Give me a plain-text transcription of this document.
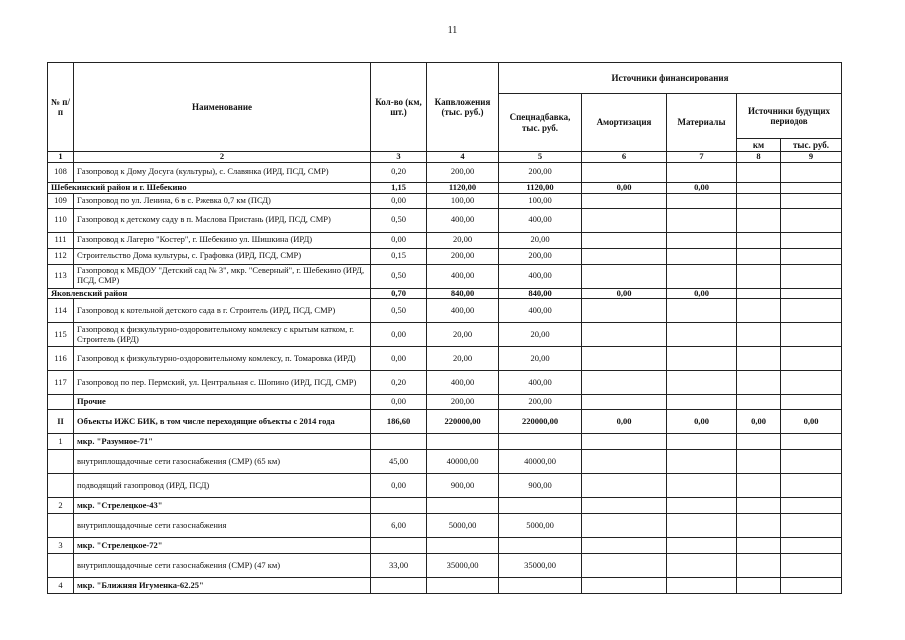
11
№ п/п	Наименование	Кол-во (км, шт.)	Капвложения (тыс. руб.)	Источники финансирования				
				Спецнадбавка, тыс. руб.	Амортизация	Материалы	Источники будущих периодов	
							км	тыс. руб.
1	2	3	4	5	6	7	8	9
108	Газопровод к Дому Досуга (культуры), с. Славянка (ИРД, ПСД, СМР)	0,20	200,00	200,00				
Шебекинский район и г. Шебекино		1,15	1120,00	1120,00	0,00	0,00		
109	Газопровод по ул. Ленина, 6 в с. Ржевка 0,7 км (ПСД)	0,00	100,00	100,00				
110	Газопровод к детскому саду в п. Маслова Пристань (ИРД, ПСД, СМР)	0,50	400,00	400,00				
111	Газопровод к Лагерю "Костер", г. Шебекино ул. Шишкина (ИРД)	0,00	20,00	20,00				
112	Строительство Дома культуры, с. Графовка (ИРД, ПСД, СМР)	0,15	200,00	200,00				
113	Газопровод к МБДОУ "Детский сад № 3", мкр. "Северный", г. Шебекино (ИРД, ПСД, СМР)	0,50	400,00	400,00				
Яковлевский район		0,70	840,00	840,00	0,00	0,00		
114	Газопровод к котельной детского сада в г. Строитель (ИРД, ПСД, СМР)	0,50	400,00	400,00				
115	Газопровод к физкультурно-оздоровительному комлексу с крытым катком, г. Строитель (ИРД)	0,00	20,00	20,00				
116	Газопровод к физкультурно-оздоровительному комлексу, п. Томаровка (ИРД)	0,00	20,00	20,00				
117	Газопровод по пер. Пермский, ул. Центральная с. Шопино (ИРД, ПСД, СМР)	0,20	400,00	400,00				
	Прочие	0,00	200,00	200,00				
II	Объекты ИЖС БИК, в том числе переходящие объекты с 2014 года	186,60	220000,00	220000,00	0,00	0,00	0,00	0,00
1	мкр. "Разумное-71"							
	внутриплощадочные сети газоснабжения (СМР) (65 км)	45,00	40000,00	40000,00				
	подводящий газопровод (ИРД, ПСД)	0,00	900,00	900,00				
2	мкр. "Стрелецкое-43"							
	внутриплощадочные сети газоснабжения	6,00	5000,00	5000,00				
3	мкр. "Стрелецкое-72"							
	внутриплощадочные сети газоснабжения (СМР) (47 км)	33,00	35000,00	35000,00				
4	мкр. "Ближняя Игуменка-62.25"							
